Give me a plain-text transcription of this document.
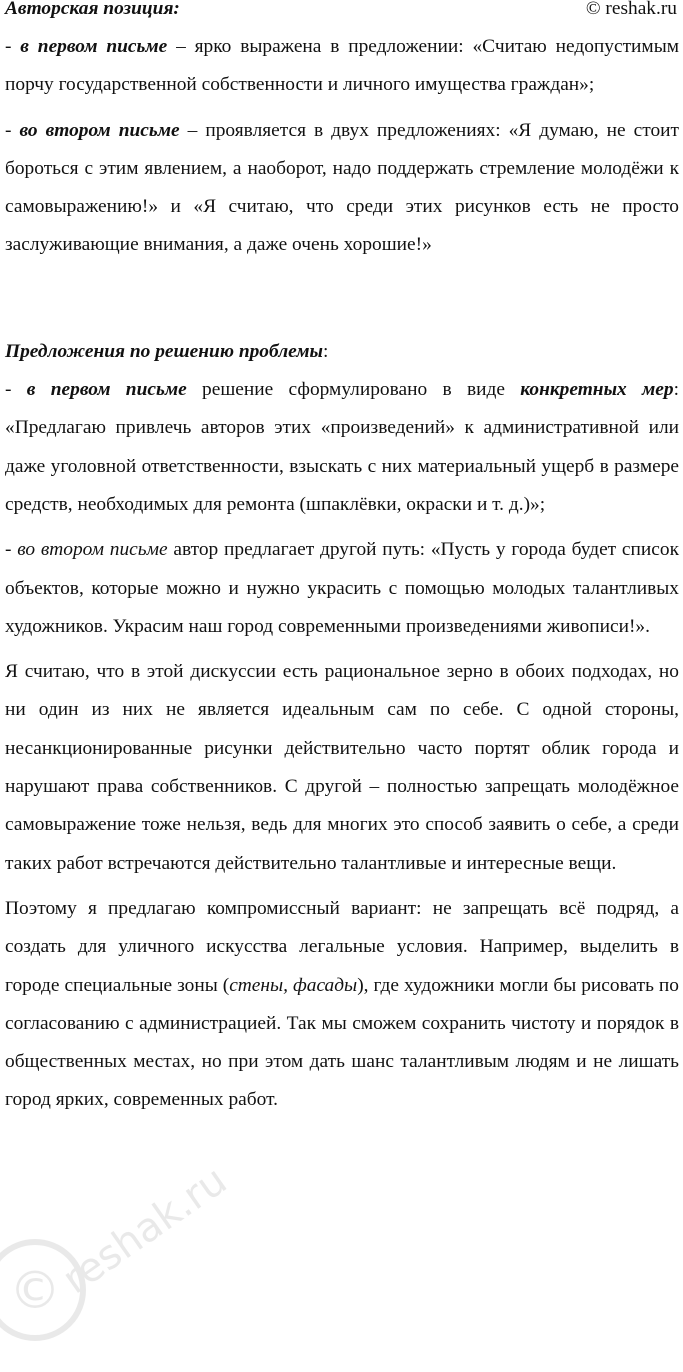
Авторская позиция:	© reshak.ru

- в первом письме – ярко выражена в предложении: «Считаю недопустимым порчу государственной собственности и личного имущества граждан»;

- во втором письме – проявляется в двух предложениях: «Я думаю, не стоит бороться с этим явлением, а наоборот, надо поддержать стремление молодёжи к самовыражению!» и «Я считаю, что среди этих рисунков есть не просто заслуживающие внимания, а даже очень хорошие!»

Предложения по решению проблемы:

- в первом письме решение сформулировано в виде конкретных мер: «Предлагаю привлечь авторов этих «произведений» к административной или даже уголовной ответственности, взыскать с них материальный ущерб в размере средств, необходимых для ремонта (шпаклёвки, окраски и т. д.)»;

- во втором письме автор предлагает другой путь: «Пусть у города будет список объектов, которые можно и нужно украсить с помощью молодых талантливых художников. Украсим наш город современными произведениями живописи!».

Я считаю, что в этой дискуссии есть рациональное зерно в обоих подходах, но ни один из них не является идеальным сам по себе. С одной стороны, несанкционированные рисунки действительно часто портят облик города и нарушают права собственников. С другой – полностью запрещать молодёжное самовыражение тоже нельзя, ведь для многих это способ заявить о себе, а среди таких работ встречаются действительно талантливые и интересные вещи.

Поэтому я предлагаю компромиссный вариант: не запрещать всё подряд, а создать для уличного искусства легальные условия. Например, выделить в городе специальные зоны (стены, фасады), где художники могли бы рисовать по согласованию с администрацией. Так мы сможем сохранить чистоту и порядок в общественных местах, но при этом дать шанс талантливым людям и не лишать город ярких, современных работ.

©
reshak.ru
